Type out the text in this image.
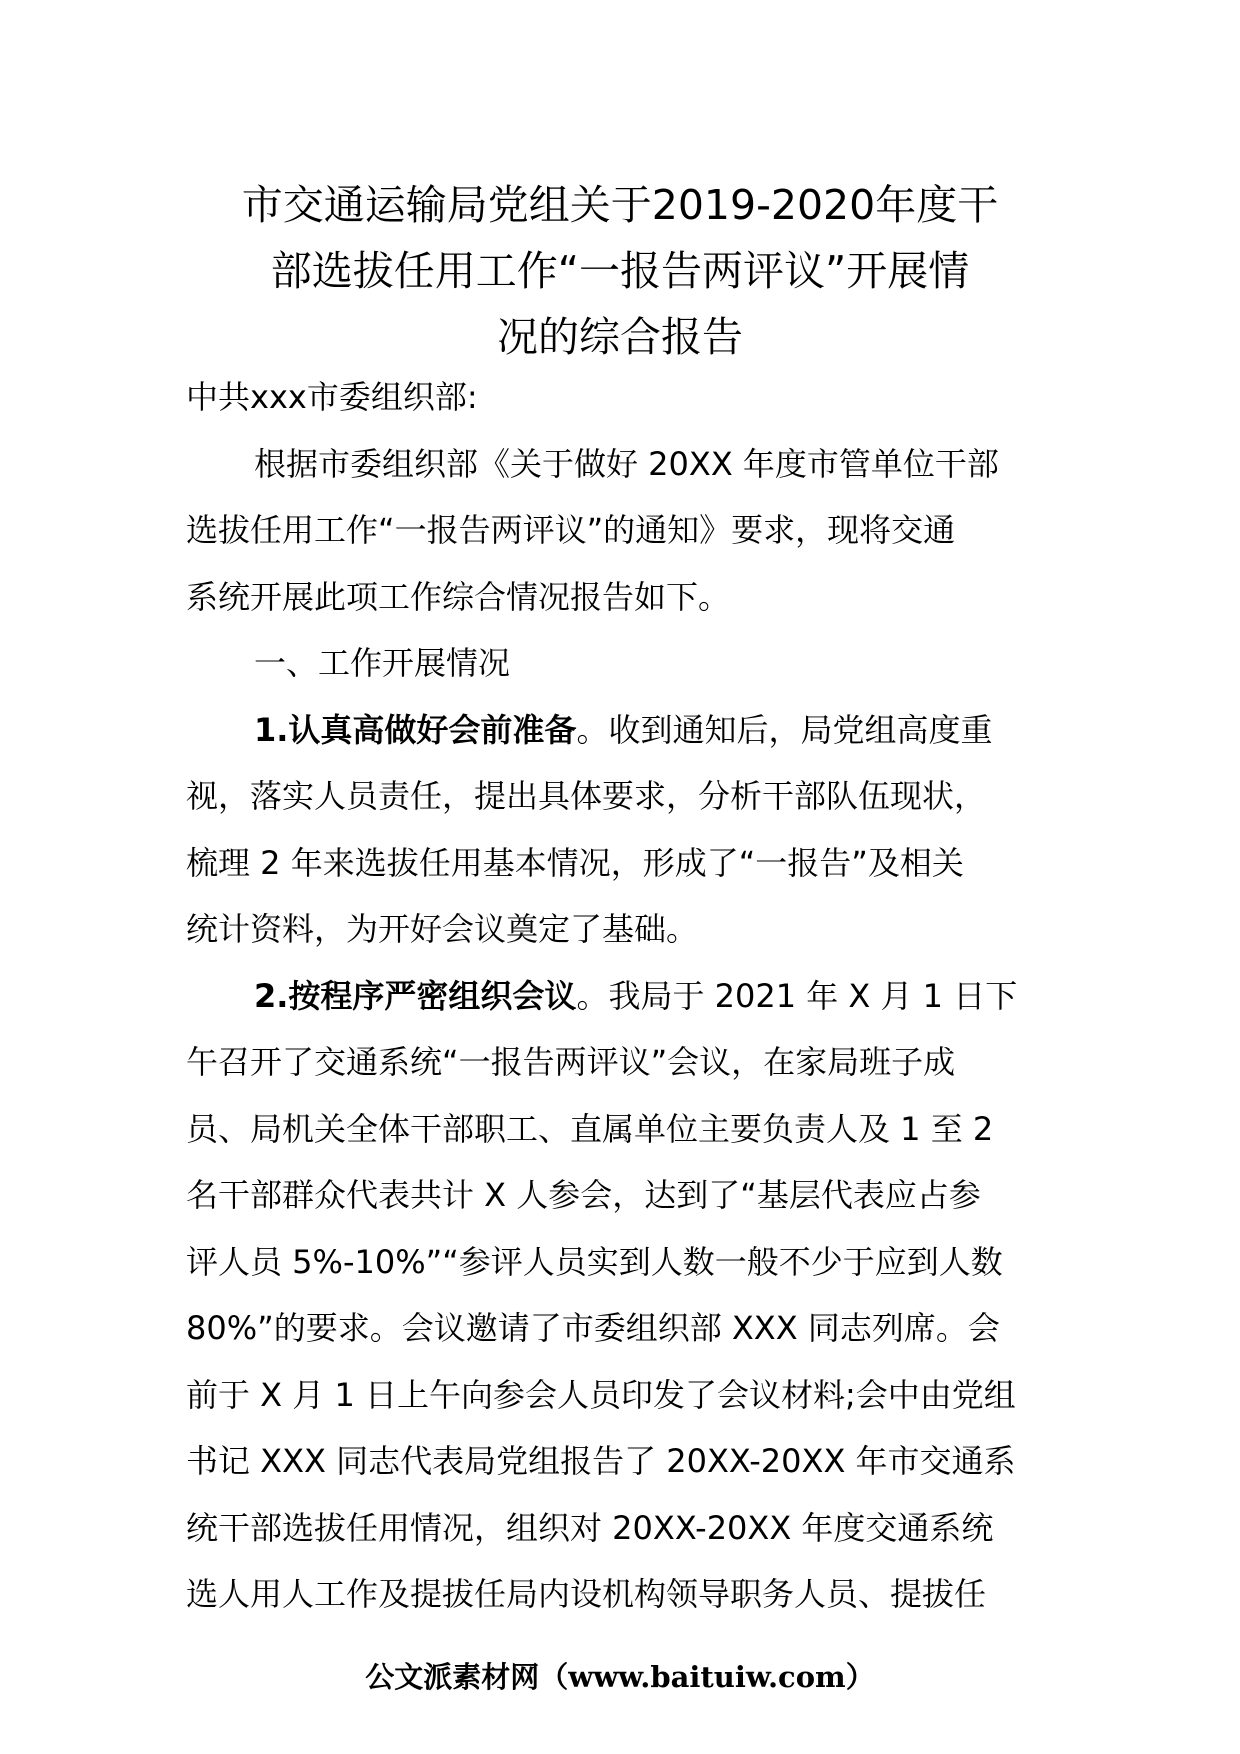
市交通运输局党组关于2019-2020年度干
部选拔任用工作“一报告两评议”开展情
况的综合报告
中共xxx市委组织部:
根据市委组织部《关于做好 20XX 年度市管单位干部
选拔任用工作“一报告两评议”的通知》要求，现将交通
系统开展此项工作综合情况报告如下。
一、工作开展情况
1.认真高做好会前准备。收到通知后，局党组高度重
视，落实人员责任，提出具体要求，分析干部队伍现状，
梳理 2 年来选拔任用基本情况，形成了“一报告”及相关
统计资料，为开好会议奠定了基础。
2.按程序严密组织会议。我局于 2021 年 X 月 1 日下
午召开了交通系统“一报告两评议”会议，在家局班子成
员、局机关全体干部职工、直属单位主要负责人及 1 至 2
名干部群众代表共计 X 人参会，达到了“基层代表应占参
评人员 5%-10%”“参评人员实到人数一般不少于应到人数
80%”的要求。会议邀请了市委组织部 XXX 同志列席。会
前于 X 月 1 日上午向参会人员印发了会议材料;会中由党组
书记 XXX 同志代表局党组报告了 20XX-20XX 年市交通系
统干部选拔任用情况，组织对 20XX-20XX 年度交通系统
选人用人工作及提拔任局内设机构领导职务人员、提拔任
公文派素材网（www.baituiw.com）
